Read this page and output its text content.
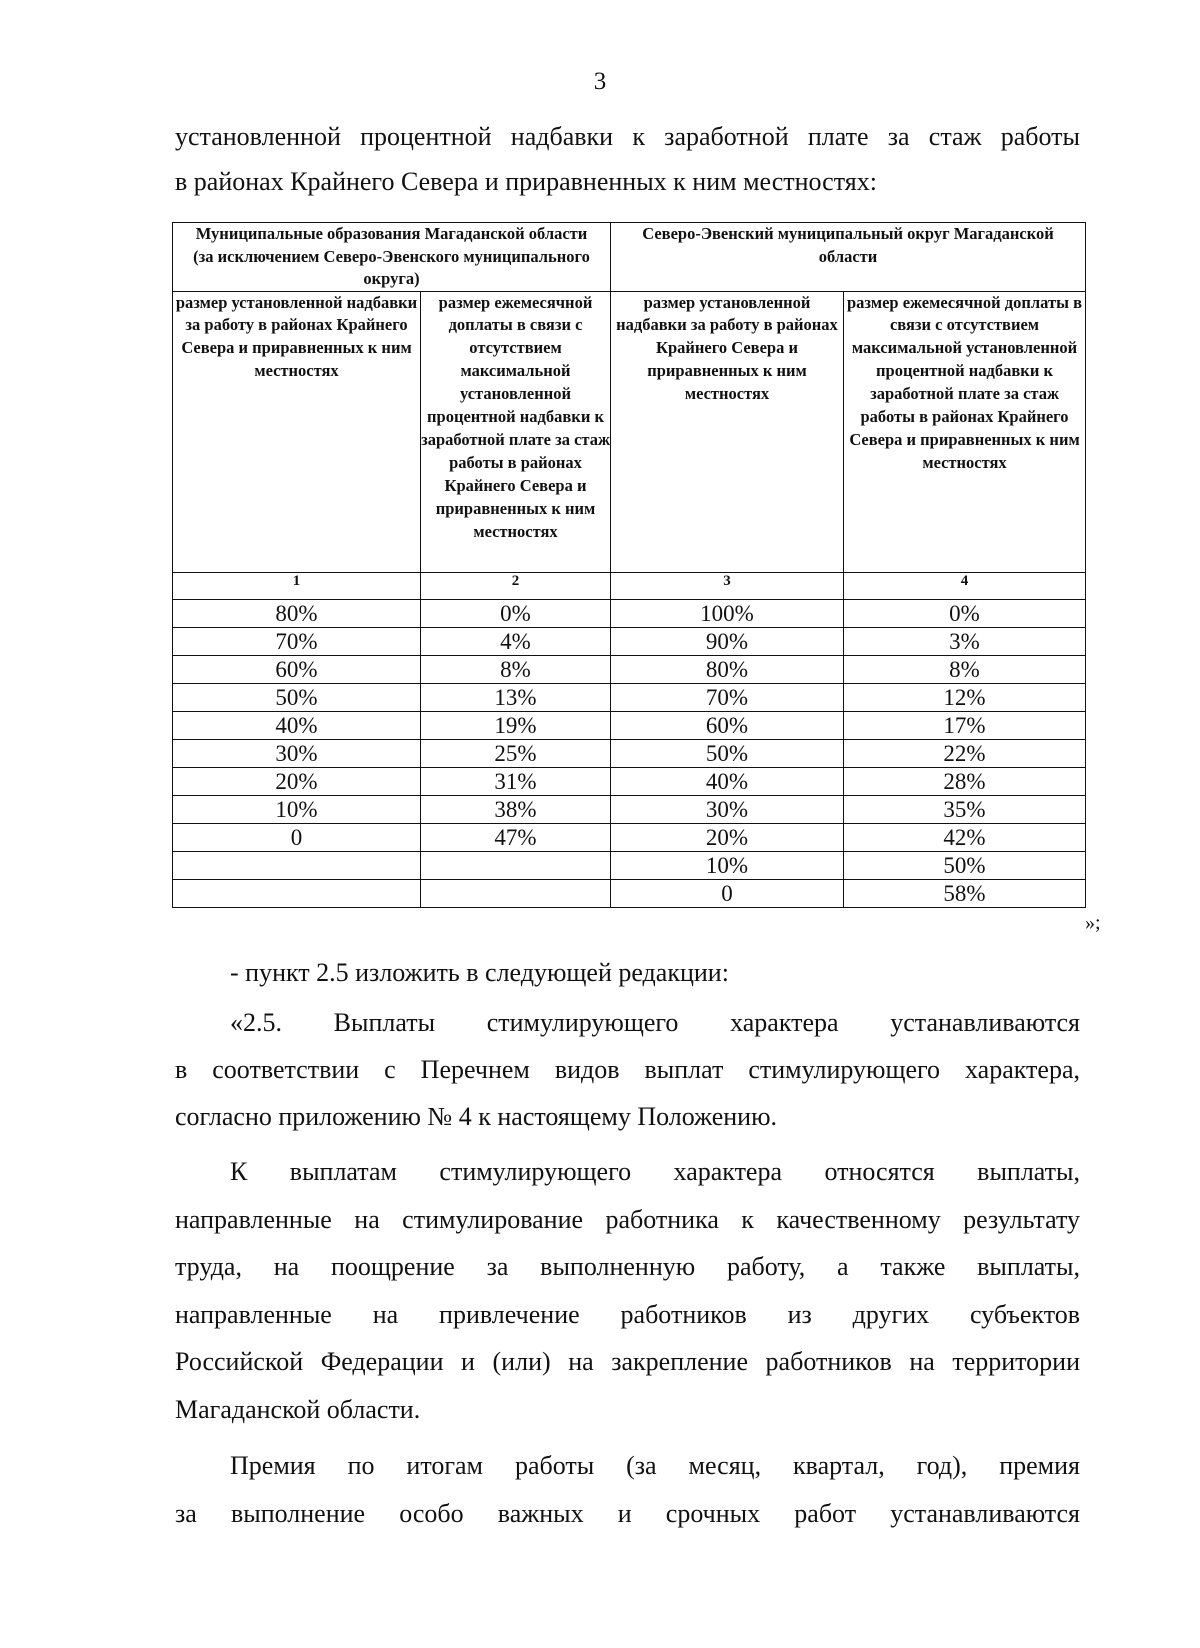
3
установленной процентной надбавки к заработной плате за стаж работы
в районах Крайнего Севера и приравненных к ним местностях:
Муниципальные образования Магаданской области (за исключением Северо-Эвенского муниципального округа)		Северо-Эвенский муниципальный округ Магаданской области	
размер установленной надбавки за работу в районах Крайнего Севера и приравненных к ним местностях	размер ежемесячной доплаты в связи с отсутствием максимальной установленной процентной надбавки к заработной плате за стаж работы в районах Крайнего Севера и приравненных к ним местностях	размер установленной надбавки за работу в районах Крайнего Севера и приравненных к ним местностях	размер ежемесячной доплаты в связи с отсутствием максимальной установленной процентной надбавки к заработной плате за стаж работы в районах Крайнего Севера и приравненных к ним местностях
1	2	3	4
80%	0%	100%	0%
70%	4%	90%	3%
60%	8%	80%	8%
50%	13%	70%	12%
40%	19%	60%	17%
30%	25%	50%	22%
20%	31%	40%	28%
10%	38%	30%	35%
0	47%	20%	42%
		10%	50%
		0	58%
»;
- пункт 2.5 изложить в следующей редакции:
«2.5. Выплаты стимулирующего характера устанавливаются
в соответствии с Перечнем видов выплат стимулирующего характера,
согласно приложению № 4 к настоящему Положению.
К выплатам стимулирующего характера относятся выплаты,
направленные на стимулирование работника к качественному результату
труда, на поощрение за выполненную работу, а также выплаты,
направленные на привлечение работников из других субъектов
Российской Федерации и (или) на закрепление работников на территории
Магаданской области.
Премия по итогам работы (за месяц, квартал, год), премия
за выполнение особо важных и срочных работ устанавливаются
